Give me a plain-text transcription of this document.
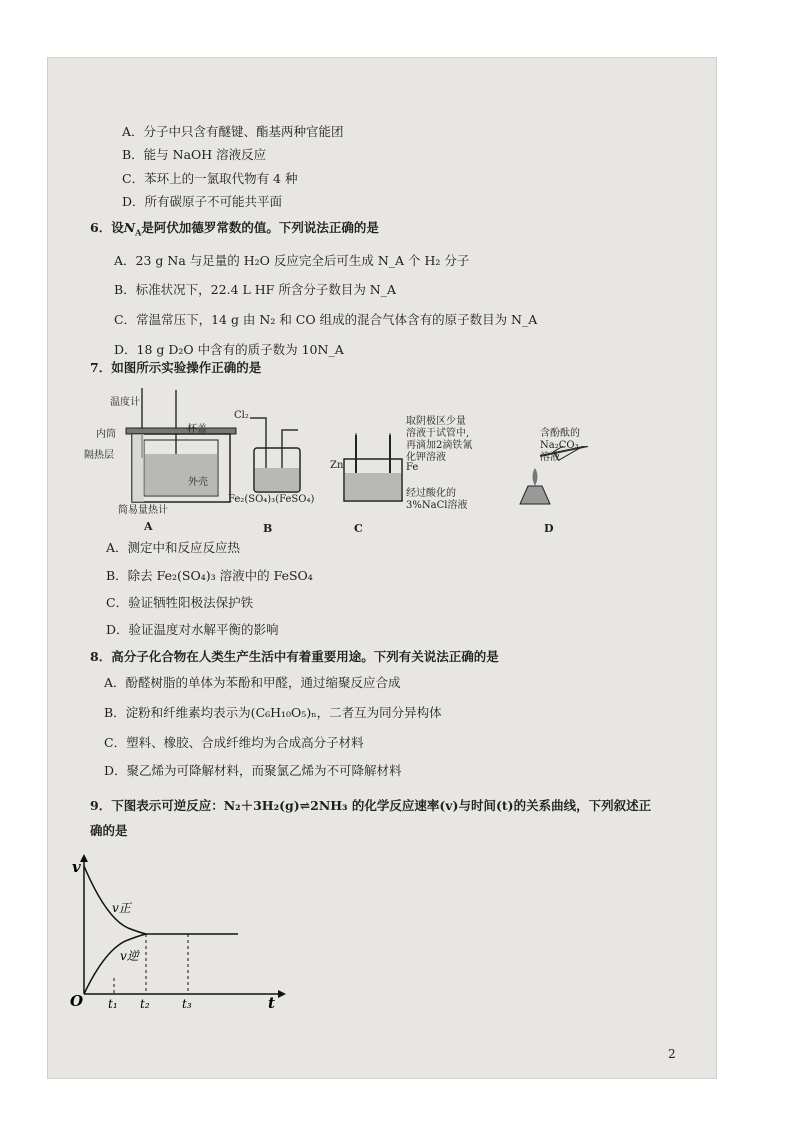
A．分子中只含有醚键、酯基两种官能团
B．能与 NaOH 溶液反应
C．苯环上的一氯取代物有 4 种
D．所有碳原子不可能共平面
6．设$N_A$是阿伏加德罗常数的值。下列说法正确的是
A．23 g Na 与足量的 H₂O 反应完全后可生成 N_A 个 H₂ 分子
B．标准状况下，22.4 L HF 所含分子数目为 N_A
C．常温常压下，14 g 由 N₂ 和 CO 组成的混合气体含有的原子数目为 N_A
D．18 g D₂O 中含有的质子数为 10N_A
7．如图所示实验操作正确的是
温度计
杯盖
内筒
隔热层
外壳
简易量热计
A
Cl₂
Fe₂(SO₄)₃(FeSO₄)
B
Zn	Fe
经过酸化的
3%NaCl溶液
C
取阴极区少量
溶液于试管中,
再滴加2滴铁氰
化钾溶液
含酚酞的
Na₂CO₃
溶液
D
A．测定中和反应反应热
B．除去 Fe₂(SO₄)₃ 溶液中的 FeSO₄
C．验证牺牲阳极法保护铁
D．验证温度对水解平衡的影响
8．高分子化合物在人类生产生活中有着重要用途。下列有关说法正确的是
A．酚醛树脂的单体为苯酚和甲醛，通过缩聚反应合成
B．淀粉和纤维素均表示为(C₆H₁₀O₅)ₙ，二者互为同分异构体
C．塑料、橡胶、合成纤维均为合成高分子材料
D．聚乙烯为可降解材料，而聚氯乙烯为不可降解材料
9．下图表示可逆反应：N₂＋3H₂(g)⇌2NH₃ 的化学反应速率(v)与时间(t)的关系曲线，下列叙述正
确的是
v
t
O
v正
v逆
t₁ t₂	t₃
2
